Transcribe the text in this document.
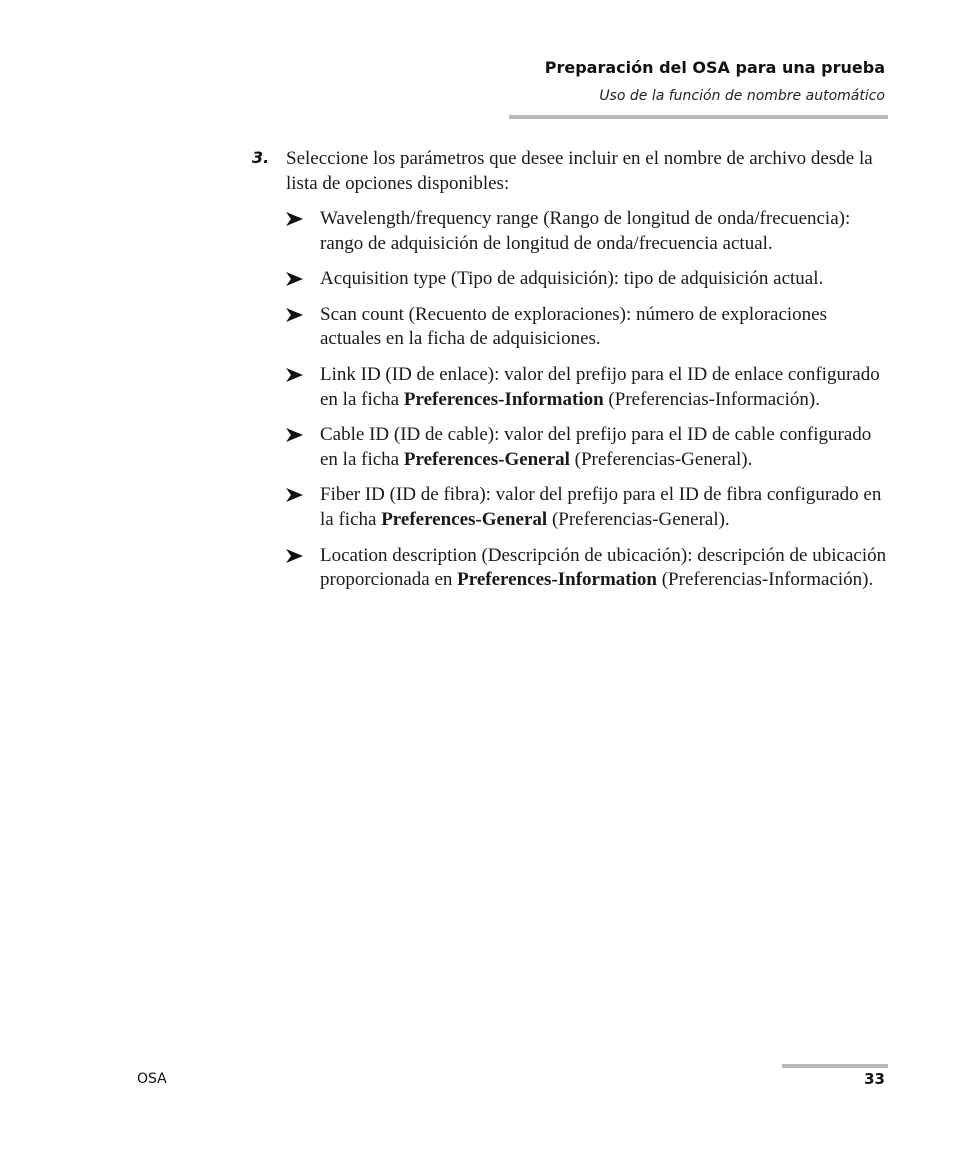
Preparación del OSA para una prueba
Uso de la función de nombre automático
3. Seleccione los parámetros que desee incluir en el nombre de archivo desde la lista de opciones disponibles:
Wavelength/frequency range (Rango de longitud de onda/frecuencia): rango de adquisición de longitud de onda/frecuencia actual.
Acquisition type (Tipo de adquisición): tipo de adquisición actual.
Scan count (Recuento de exploraciones): número de exploraciones actuales en la ficha de adquisiciones.
Link ID (ID de enlace): valor del prefijo para el ID de enlace configurado en la ficha Preferences-Information (Preferencias-Información).
Cable ID (ID de cable): valor del prefijo para el ID de cable configurado en la ficha Preferences-General (Preferencias-General).
Fiber ID (ID de fibra): valor del prefijo para el ID de fibra configurado en la ficha Preferences-General (Preferencias-General).
Location description (Descripción de ubicación): descripción de ubicación proporcionada en Preferences-Information (Preferencias-Información).
OSA	33
